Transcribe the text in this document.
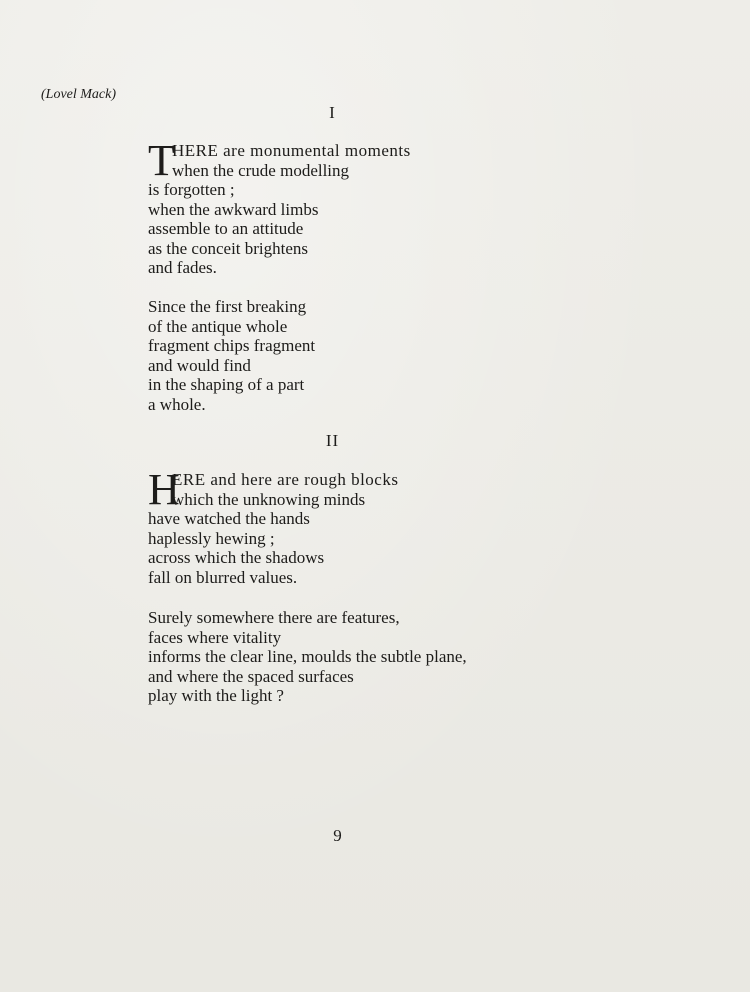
(Lovel Mack)
I
T
HERE are monumental moments
when the crude modelling
is forgotten ;
when the awkward limbs
assemble to an attitude
as the conceit brightens
and fades.
Since the first breaking
of the antique whole
fragment chips fragment
and would find
in the shaping of a part
a whole.
II
H
ERE and here are rough blocks
which the unknowing minds
have watched the hands
haplessly hewing ;
across which the shadows
fall on blurred values.
Surely somewhere there are features,
faces where vitality
informs the clear line, moulds the subtle plane,
and where the spaced surfaces
play with the light ?
9
